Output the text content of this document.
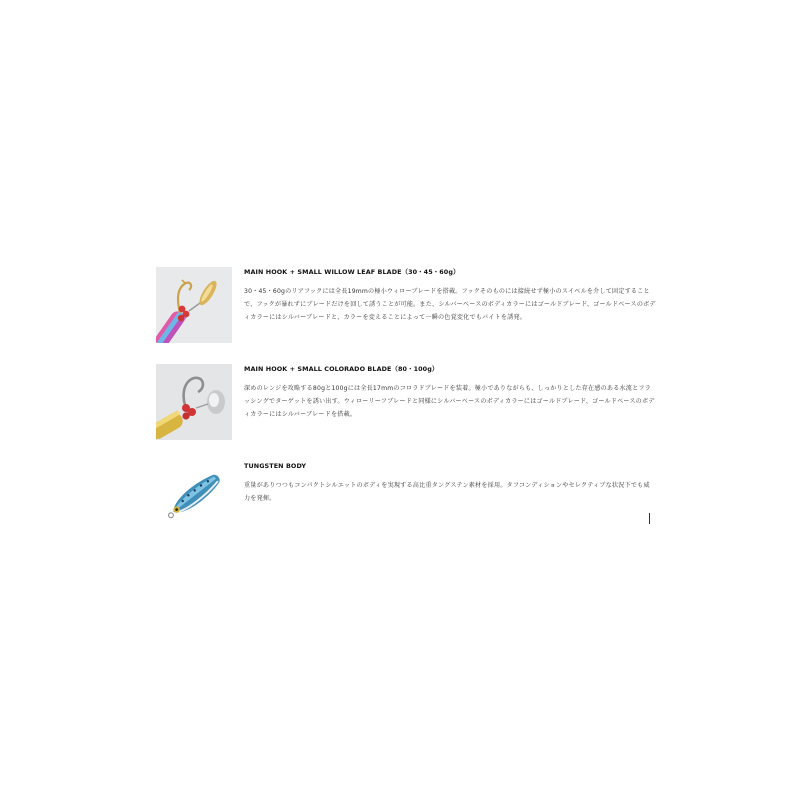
MAIN HOOK + SMALL WILLOW LEAF BLADE（30・45・60g）

30・45・60gのリアフックには全長19mmの極小ウィローブレードを搭載。フックそのものには接続せず極小のスイベルを介して固定することで、フックが暴れずにブレードだけを回して誘うことが可能。また、シルバーベースのボディカラーにはゴールドブレード、ゴールドベースのボディカラーにはシルバーブレードと、カラーを変えることによって一瞬の色覚変化でもバイトを誘発。

MAIN HOOK + SMALL COLORADO BLADE（80・100g）

深めのレンジを攻略する80gと100gには全長17mmのコロラドブレードを装着。極小でありながらも、しっかりとした存在感のある水流とフラッシングでターゲットを誘い出す。ウィローリーフブレードと同様にシルバーベースのボディカラーにはゴールドブレード、ゴールドベースのボディカラーにはシルバーブレードを搭載。

TUNGSTEN BODY

重量がありつつもコンパクトシルエットのボディを実現する高比重タングステン素材を採用。タフコンディションやセレクティブな状況下でも威力を発揮。
